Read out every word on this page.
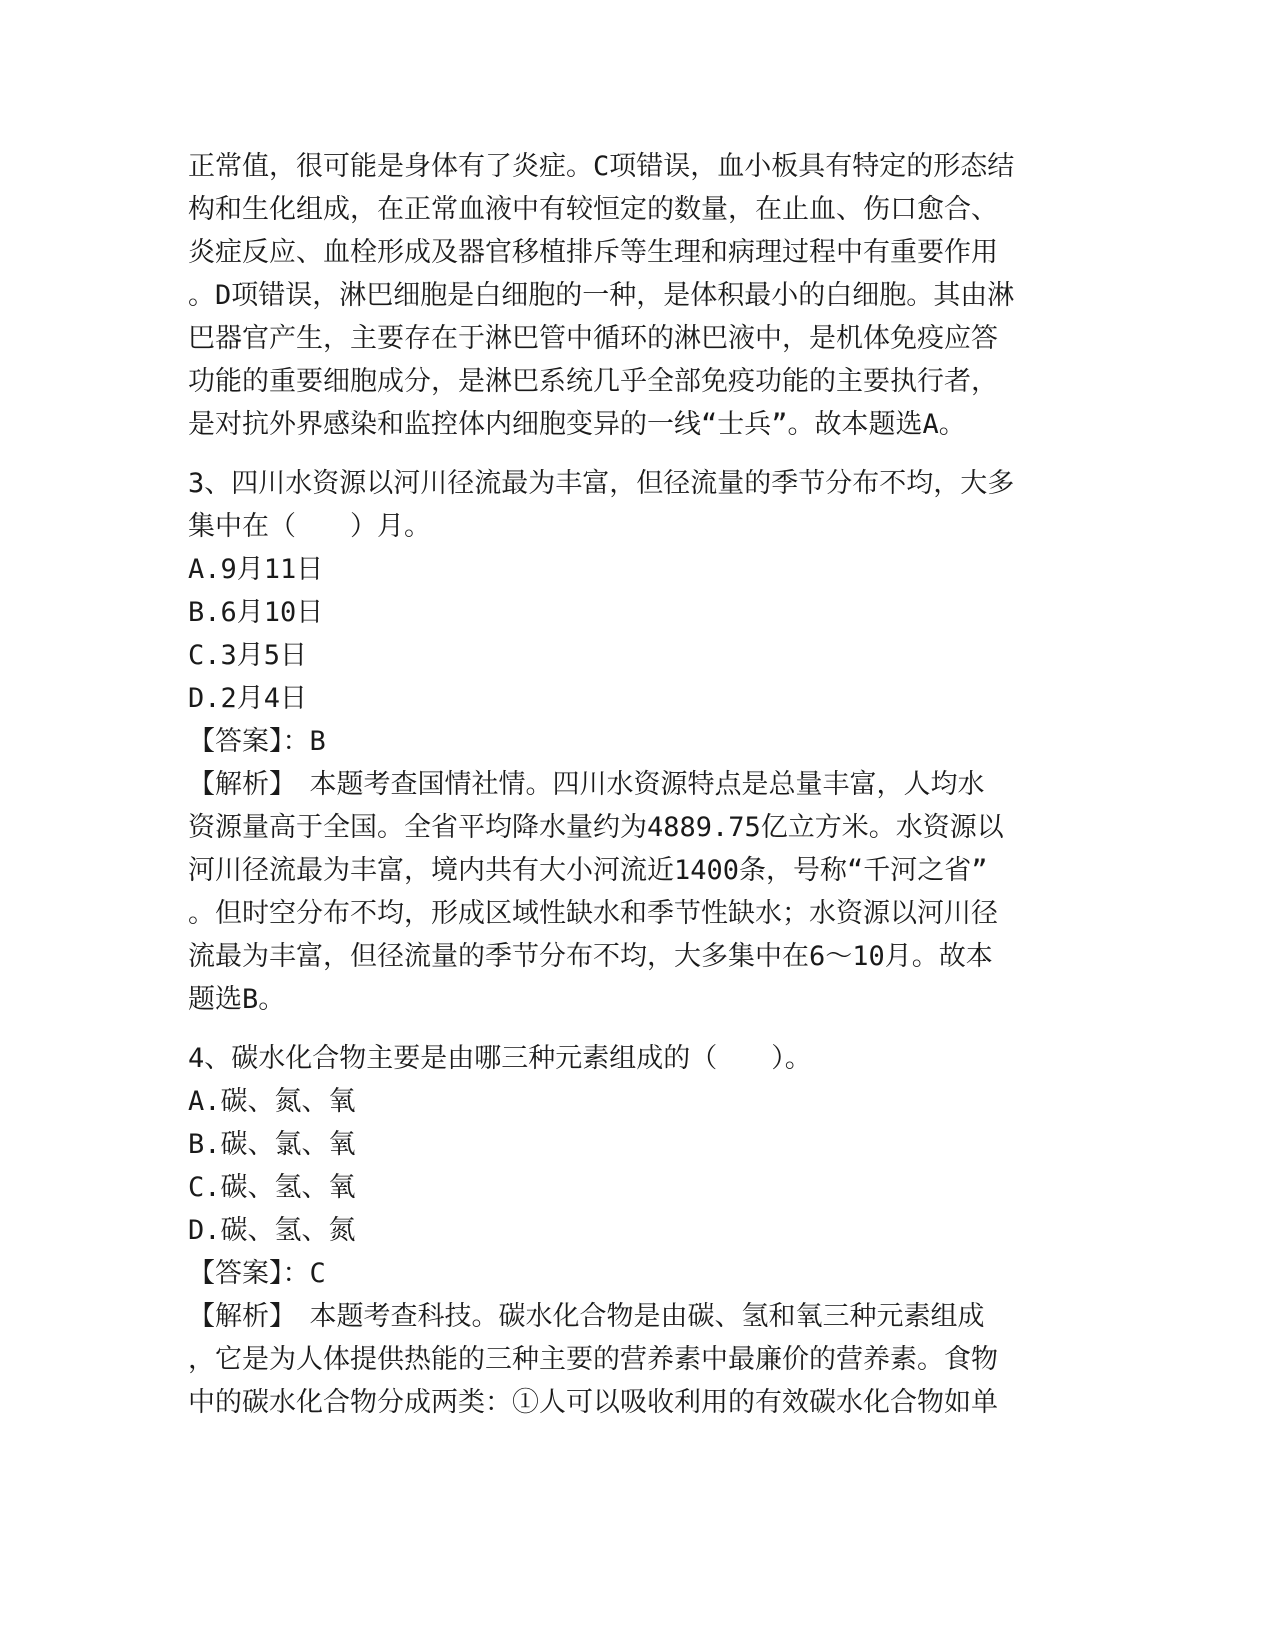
正常值，很可能是身体有了炎症。C项错误，血小板具有特定的形态结
构和生化组成，在正常血液中有较恒定的数量，在止血、伤口愈合、
炎症反应、血栓形成及器官移植排斥等生理和病理过程中有重要作用
。D项错误，淋巴细胞是白细胞的一种，是体积最小的白细胞。其由淋
巴器官产生，主要存在于淋巴管中循环的淋巴液中，是机体免疫应答
功能的重要细胞成分，是淋巴系统几乎全部免疫功能的主要执行者，
是对抗外界感染和监控体内细胞变异的一线“士兵”。故本题选A。
3、四川水资源以河川径流最为丰富，但径流量的季节分布不均，大多
集中在（　　）月。
A.9月11日
B.6月10日
C.3月5日
D.2月4日
【答案】：B
【解析】　本题考查国情社情。四川水资源特点是总量丰富，人均水
资源量高于全国。全省平均降水量约为4889.75亿立方米。水资源以
河川径流最为丰富，境内共有大小河流近1400条，号称“千河之省”
。但时空分布不均，形成区域性缺水和季节性缺水；水资源以河川径
流最为丰富，但径流量的季节分布不均，大多集中在6～10月。故本
题选B。
4、碳水化合物主要是由哪三种元素组成的（　　）。
A.碳、氮、氧
B.碳、氯、氧
C.碳、氢、氧
D.碳、氢、氮
【答案】：C
【解析】　本题考查科技。碳水化合物是由碳、氢和氧三种元素组成
，它是为人体提供热能的三种主要的营养素中最廉价的营养素。食物
中的碳水化合物分成两类：①人可以吸收利用的有效碳水化合物如单
